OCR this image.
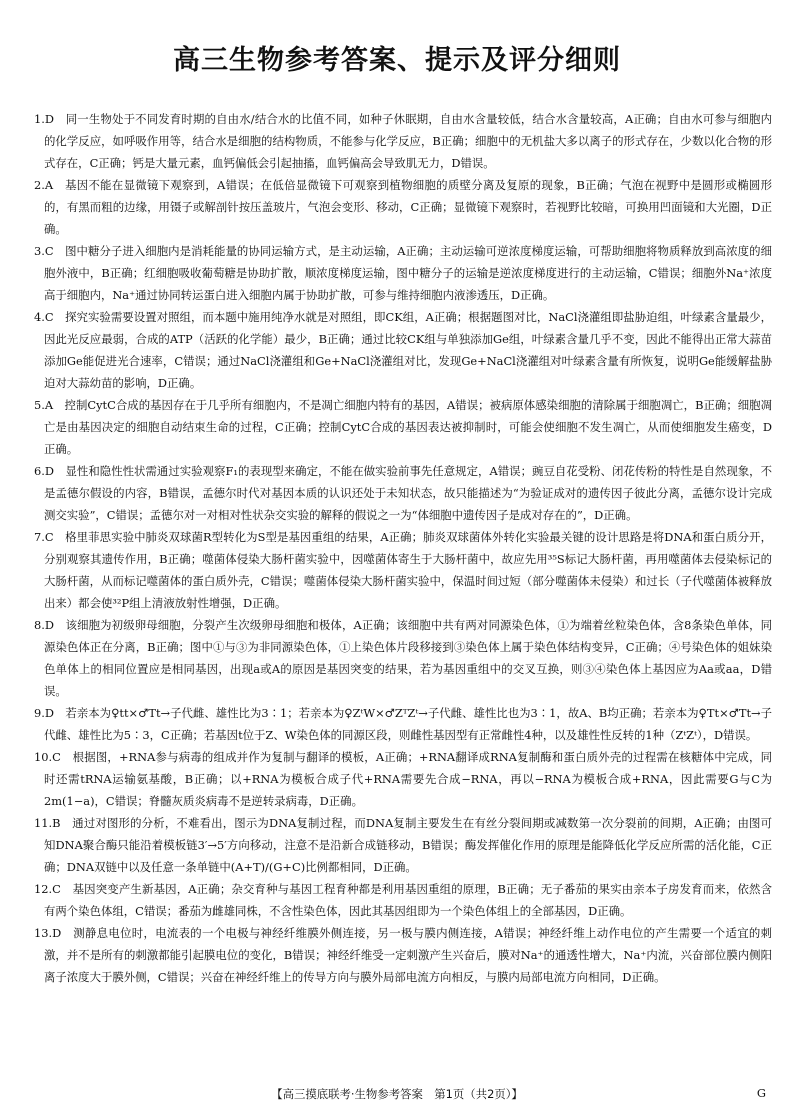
高三生物参考答案、提示及评分细则

1.D　同一生物处于不同发育时期的自由水/结合水的比值不同，如种子休眠期，自由水含量较低，结合水含量较高，A正确；自由水可参与细胞内的化学反应，如呼吸作用等，结合水是细胞的结构物质，不能参与化学反应，B正确；细胞中的无机盐大多以离子的形式存在，少数以化合物的形式存在，C正确；钙是大量元素，血钙偏低会引起抽搐，血钙偏高会导致肌无力，D错误。

2.A　基因不能在显微镜下观察到，A错误；在低倍显微镜下可观察到植物细胞的质壁分离及复原的现象，B正确；气泡在视野中是圆形或椭圆形的，有黑而粗的边缘，用镊子或解剖针按压盖玻片，气泡会变形、移动，C正确；显微镜下观察时，若视野比较暗，可换用凹面镜和大光圈，D正确。

3.C　图中糖分子进入细胞内是消耗能量的协同运输方式，是主动运输，A正确；主动运输可逆浓度梯度运输，可帮助细胞将物质释放到高浓度的细胞外液中，B正确；红细胞吸收葡萄糖是协助扩散，顺浓度梯度运输，图中糖分子的运输是逆浓度梯度进行的主动运输，C错误；细胞外Na⁺浓度高于细胞内，Na⁺通过协同转运蛋白进入细胞内属于协助扩散，可参与维持细胞内液渗透压，D正确。

4.C　探究实验需要设置对照组，而本题中施用纯净水就是对照组，即CK组，A正确；根据题图对比，NaCl浇灌组即盐胁迫组，叶绿素含量最少，因此光反应最弱，合成的ATP（活跃的化学能）最少，B正确；通过比较CK组与单独添加Ge组，叶绿素含量几乎不变，因此不能得出正常大蒜苗添加Ge能促进光合速率，C错误；通过NaCl浇灌组和Ge+NaCl浇灌组对比，发现Ge+NaCl浇灌组对叶绿素含量有所恢复，说明Ge能缓解盐胁迫对大蒜幼苗的影响，D正确。

5.A　控制CytC合成的基因存在于几乎所有细胞内，不是凋亡细胞内特有的基因，A错误；被病原体感染细胞的清除属于细胞凋亡，B正确；细胞凋亡是由基因决定的细胞自动结束生命的过程，C正确；控制CytC合成的基因表达被抑制时，可能会使细胞不发生凋亡，从而使细胞发生癌变，D正确。

6.D　显性和隐性性状需通过实验观察F₁的表现型来确定，不能在做实验前事先任意规定，A错误；豌豆自花受粉、闭花传粉的特性是自然现象，不是孟德尔假设的内容，B错误，孟德尔时代对基因本质的认识还处于未知状态，故只能描述为“为验证成对的遗传因子彼此分离，孟德尔设计完成测交实验”，C错误；孟德尔对一对相对性状杂交实验的解释的假说之一为“体细胞中遗传因子是成对存在的”，D正确。

7.C　格里菲思实验中肺炎双球菌R型转化为S型是基因重组的结果，A正确；肺炎双球菌体外转化实验最关键的设计思路是将DNA和蛋白质分开，分别观察其遗传作用，B正确；噬菌体侵染大肠杆菌实验中，因噬菌体寄生于大肠杆菌中，故应先用³⁵S标记大肠杆菌，再用噬菌体去侵染标记的大肠杆菌，从而标记噬菌体的蛋白质外壳，C错误；噬菌体侵染大肠杆菌实验中，保温时间过短（部分噬菌体未侵染）和过长（子代噬菌体被释放出来）都会使³²P组上清液放射性增强，D正确。

8.D　该细胞为初级卵母细胞，分裂产生次级卵母细胞和极体，A正确；该细胞中共有两对同源染色体，①为端着丝粒染色体，含8条染色单体，同源染色体正在分离，B正确；图中①与③为非同源染色体，①上染色体片段移接到③染色体上属于染色体结构变异，C正确；④号染色体的姐妹染色单体上的相同位置应是相同基因，出现a或A的原因是基因突变的结果，若为基因重组中的交叉互换，则③④染色体上基因应为Aa或aa，D错误。

9.D　若亲本为♀tt×♂Tt→子代雌、雄性比为3∶1；若亲本为♀ZᵗW×♂ZᵀZᵗ→子代雌、雄性比也为3∶1，故A、B均正确；若亲本为♀Tt×♂Tt→子代雌、雄性比为5∶3，C正确；若基因t位于Z、W染色体的同源区段，则雌性基因型有正常雌性4种，以及雄性性反转的1种（ZᵗZᵗ），D错误。

10.C　根据图，+RNA参与病毒的组成并作为复制与翻译的模板，A正确；+RNA翻译成RNA复制酶和蛋白质外壳的过程需在核糖体中完成，同时还需tRNA运输氨基酸，B正确；以+RNA为模板合成子代+RNA需要先合成−RNA，再以−RNA为模板合成+RNA，因此需要G与C为2m(1−a)，C错误；脊髓灰质炎病毒不是逆转录病毒，D正确。

11.B　通过对图形的分析，不难看出，图示为DNA复制过程，而DNA复制主要发生在有丝分裂间期或减数第一次分裂前的间期，A正确；由图可知DNA聚合酶只能沿着模板链3′→5′方向移动，注意不是沿新合成链移动，B错误；酶发挥催化作用的原理是能降低化学反应所需的活化能，C正确；DNA双链中以及任意一条单链中(A+T)/(G+C)比例都相同，D正确。

12.C　基因突变产生新基因，A正确；杂交育种与基因工程育种都是利用基因重组的原理，B正确；无子番茄的果实由亲本子房发育而来，依然含有两个染色体组，C错误；番茄为雌雄同株，不含性染色体，因此其基因组即为一个染色体组上的全部基因，D正确。

13.D　测静息电位时，电流表的一个电极与神经纤维膜外侧连接，另一极与膜内侧连接，A错误；神经纤维上动作电位的产生需要一个适宜的刺激，并不是所有的刺激都能引起膜电位的变化，B错误；神经纤维受一定刺激产生兴奋后，膜对Na⁺的通透性增大，Na⁺内流，兴奋部位膜内侧阳离子浓度大于膜外侧，C错误；兴奋在神经纤维上的传导方向与膜外局部电流方向相反，与膜内局部电流方向相同，D正确。

【高三摸底联考·生物参考答案　第1页（共2页）】	G
